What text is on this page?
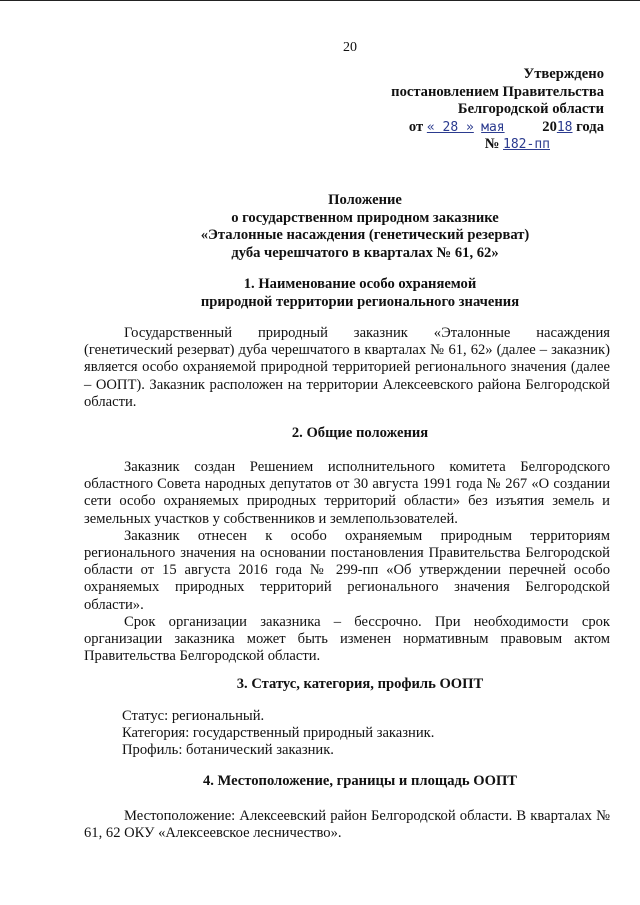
20
Утверждено
постановлением Правительства
Белгородской области
от « 28 » мая	2018 года
№ 182-пп
Положение
о государственном природном заказнике
«Эталонные насаждения (генетический резерват)
дуба черешчатого в кварталах № 61, 62»
1. Наименование особо охраняемой
природной территории регионального значения

Государственный природный заказник «Эталонные насаждения (генетический резерват) дуба черешчатого в кварталах № 61, 62» (далее – заказник) является особо охраняемой природной территорией регионального значения (далее – ООПТ). Заказник расположен на территории Алексеевского района Белгородской области.

2. Общие положения

Заказник создан Решением исполнительного комитета Белгородского областного Совета народных депутатов от 30 августа 1991 года № 267 «О создании сети особо охраняемых природных территорий области» без изъятия земель и земельных участков у собственников и землепользователей.

Заказник отнесен к особо охраняемым природным территориям регионального значения на основании постановления Правительства Белгородской области от 15 августа 2016 года № 299-пп «Об утверждении перечней особо охраняемых природных территорий регионального значения Белгородской области».

Срок организации заказника – бессрочно. При необходимости срок организации заказника может быть изменен нормативным правовым актом Правительства Белгородской области.

3. Статус, категория, профиль ООПТ

Статус: региональный.

Категория: государственный природный заказник.

Профиль: ботанический заказник.

4. Местоположение, границы и площадь ООПТ

Местоположение: Алексеевский район Белгородской области. В кварталах № 61, 62 ОКУ «Алексеевское лесничество».
